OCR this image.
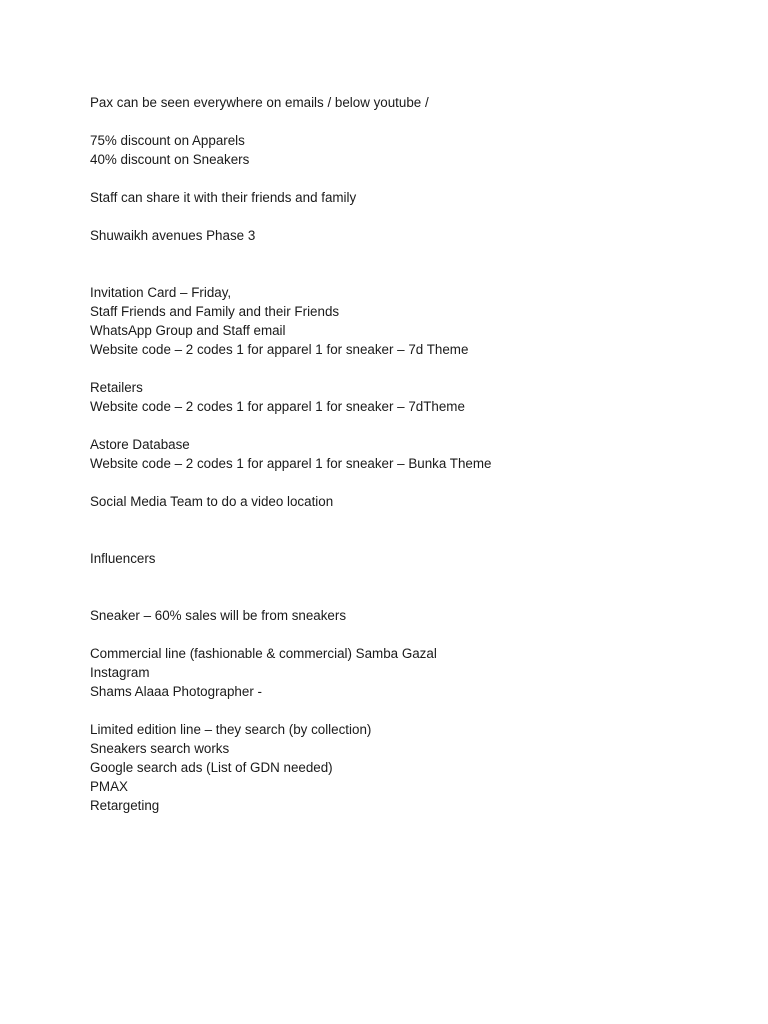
Pax can be seen everywhere on emails / below youtube /
75% discount on Apparels
40% discount on Sneakers
Staff can share it with their friends and family
Shuwaikh avenues Phase 3
Invitation Card – Friday,
Staff Friends and Family and their Friends
WhatsApp Group and Staff email
Website code – 2 codes 1 for apparel 1 for sneaker – 7d Theme
Retailers
Website code – 2 codes 1 for apparel 1 for sneaker – 7dTheme
Astore Database
Website code – 2 codes 1 for apparel 1 for sneaker – Bunka Theme
Social Media Team to do a video location
Influencers
Sneaker – 60% sales will be from sneakers
Commercial line (fashionable & commercial) Samba Gazal
Instagram
Shams Alaaa Photographer -
Limited edition line – they search (by collection)
Sneakers search works
Google search ads (List of GDN needed)
PMAX
Retargeting
